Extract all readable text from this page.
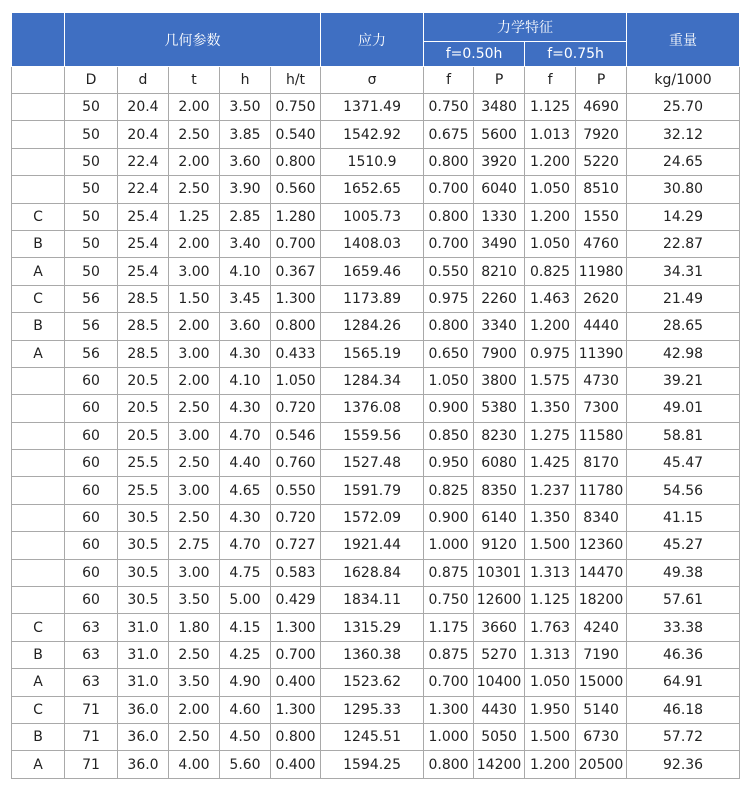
	几何参数					应力	力学特征				重量
							f=0.50h		f=0.75h		
	D	d	t	h	h/t	σ	f	P	f	P	kg/1000
	50	20.4	2.00	3.50	0.750	1371.49	0.750	3480	1.125	4690	25.70
	50	20.4	2.50	3.85	0.540	1542.92	0.675	5600	1.013	7920	32.12
	50	22.4	2.00	3.60	0.800	1510.9	0.800	3920	1.200	5220	24.65
	50	22.4	2.50	3.90	0.560	1652.65	0.700	6040	1.050	8510	30.80
C	50	25.4	1.25	2.85	1.280	1005.73	0.800	1330	1.200	1550	14.29
B	50	25.4	2.00	3.40	0.700	1408.03	0.700	3490	1.050	4760	22.87
A	50	25.4	3.00	4.10	0.367	1659.46	0.550	8210	0.825	11980	34.31
C	56	28.5	1.50	3.45	1.300	1173.89	0.975	2260	1.463	2620	21.49
B	56	28.5	2.00	3.60	0.800	1284.26	0.800	3340	1.200	4440	28.65
A	56	28.5	3.00	4.30	0.433	1565.19	0.650	7900	0.975	11390	42.98
	60	20.5	2.00	4.10	1.050	1284.34	1.050	3800	1.575	4730	39.21
	60	20.5	2.50	4.30	0.720	1376.08	0.900	5380	1.350	7300	49.01
	60	20.5	3.00	4.70	0.546	1559.56	0.850	8230	1.275	11580	58.81
	60	25.5	2.50	4.40	0.760	1527.48	0.950	6080	1.425	8170	45.47
	60	25.5	3.00	4.65	0.550	1591.79	0.825	8350	1.237	11780	54.56
	60	30.5	2.50	4.30	0.720	1572.09	0.900	6140	1.350	8340	41.15
	60	30.5	2.75	4.70	0.727	1921.44	1.000	9120	1.500	12360	45.27
	60	30.5	3.00	4.75	0.583	1628.84	0.875	10301	1.313	14470	49.38
	60	30.5	3.50	5.00	0.429	1834.11	0.750	12600	1.125	18200	57.61
C	63	31.0	1.80	4.15	1.300	1315.29	1.175	3660	1.763	4240	33.38
B	63	31.0	2.50	4.25	0.700	1360.38	0.875	5270	1.313	7190	46.36
A	63	31.0	3.50	4.90	0.400	1523.62	0.700	10400	1.050	15000	64.91
C	71	36.0	2.00	4.60	1.300	1295.33	1.300	4430	1.950	5140	46.18
B	71	36.0	2.50	4.50	0.800	1245.51	1.000	5050	1.500	6730	57.72
A	71	36.0	4.00	5.60	0.400	1594.25	0.800	14200	1.200	20500	92.36
